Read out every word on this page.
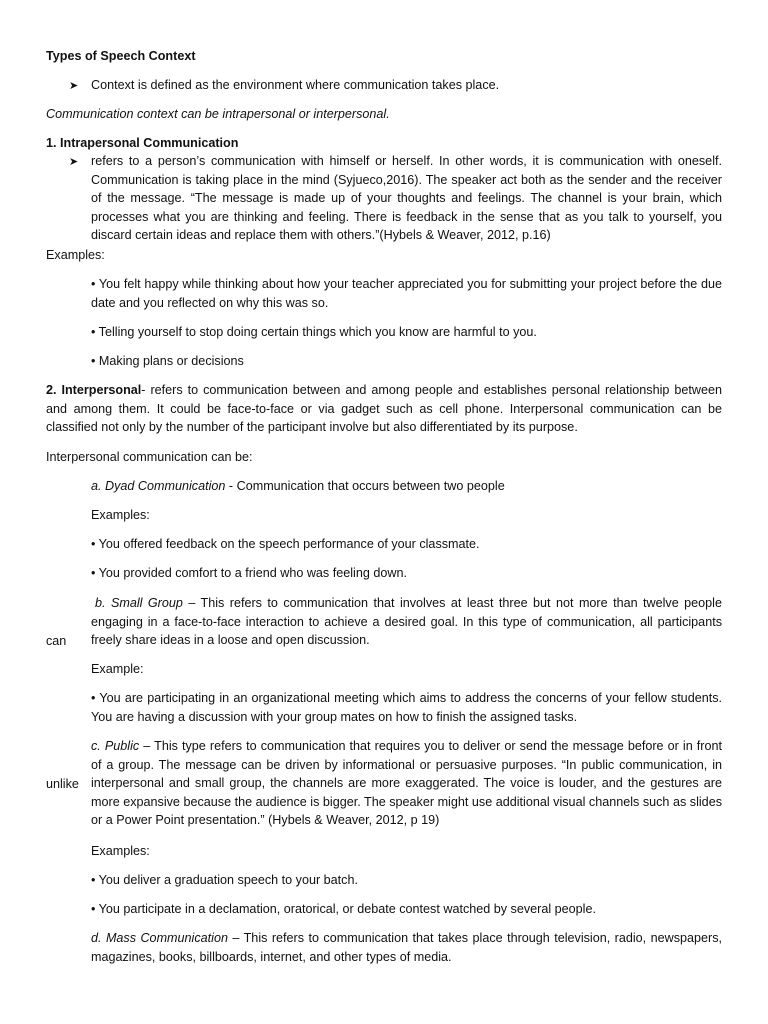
Types of Speech Context

➤ Context is defined as the environment where communication takes place.

Communication context can be intrapersonal or interpersonal.

1. Intrapersonal Communication

➤ refers to a person’s communication with himself or herself. In other words, it is communication with oneself. Communication is taking place in the mind (Syjueco,2016). The speaker act both as the sender and the receiver of the message. “The message is made up of your thoughts and feelings. The channel is your brain, which processes what you are thinking and feeling. There is feedback in the sense that as you talk to yourself, you discard certain ideas and replace them with others.”(Hybels & Weaver, 2012, p.16)

Examples:

• You felt happy while thinking about how your teacher appreciated you for submitting your project before the due date and you reflected on why this was so.

• Telling yourself to stop doing certain things which you know are harmful to you.

• Making plans or decisions

2. Interpersonal- refers to communication between and among people and establishes personal relationship between and among them. It could be face-to-face or via gadget such as cell phone. Interpersonal communication can be classified not only by the number of the participant involve but also differentiated by its purpose.

Interpersonal communication can be:

a. Dyad Communication - Communication that occurs between two people

Examples:

• You offered feedback on the speech performance of your classmate.

• You provided comfort to a friend who was feeling down.

b. Small Group – This refers to communication that involves at least three but not more than twelve people engaging in a face-to-face interaction to achieve a desired goal. In this type of communication, all participants freely share ideas in a loose and open discussion.

can

Example:

• You are participating in an organizational meeting which aims to address the concerns of your fellow students. You are having a discussion with your group mates on how to finish the assigned tasks.

c. Public – This type refers to communication that requires you to deliver or send the message before or in front of a group. The message can be driven by informational or persuasive purposes. “In public communication, in interpersonal and small group, the channels are more exaggerated. The voice is louder, and the gestures are more expansive because the audience is bigger. The speaker might use additional visual channels such as slides or a Power Point presentation.” (Hybels & Weaver, 2012, p 19)

unlike

Examples:

• You deliver a graduation speech to your batch.

• You participate in a declamation, oratorical, or debate contest watched by several people.

d. Mass Communication – This refers to communication that takes place through television, radio, newspapers, magazines, books, billboards, internet, and other types of media.
